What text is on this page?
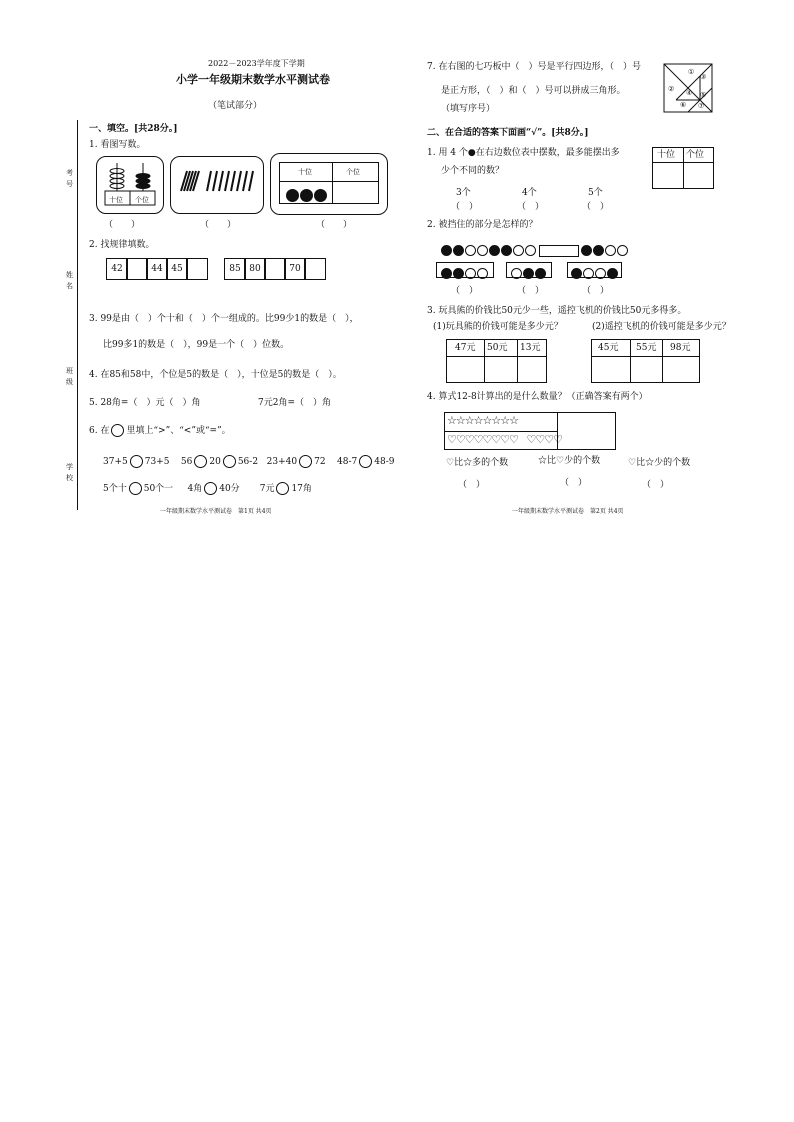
2022－2023学年度下学期
小学一年级期末数学水平测试卷
（笔试部分）
考号
姓名
班级
学校
一、填空。[共28分。]
1. 看图写数。
十位 个位
十位	个位
（　　）	（　　）	（　　）
2. 找规律填数。
42	44 45	85 80	70
3. 99是由（　）个十和（　）个一组成的。比99少1的数是（　），
比99多1的数是（　），99是一个（　）位数。
4. 在85和58中，个位是5的数是（　），十位是5的数是（　）。
5. 28角=（　）元（　）角	7元2角=（　）角
6. 在 里填上“>”、“<”或“=”。
37+5 73+5 56 20 56-2 23+40 72 48-7 48-9
5个十 50个一 4角 40分 7元 17角
一年级期末数学水平测试卷　第1页 共4页
7. 在右图的七巧板中（　）号是平行四边形，（　）号
是正方形，（　）和（　）号可以拼成三角形。
（填写序号）
①
②
③
④ ⑤
⑥ ⑦
二、在合适的答案下面画“√”。[共8分。]
1. 用 4 个●在右边数位表中摆数，最多能摆出多
少个不同的数？
十位 个位
3个	4个	5个
（　）	（　）	（　）
2. 被挡住的部分是怎样的？
（　）	（　）	（　）
3. 玩具熊的价钱比50元少一些，遥控飞机的价钱比50元多得多。
(1)玩具熊的价钱可能是多少元？	(2)遥控飞机的价钱可能是多少元？
47元 50元 13元	45元 55元 98元
4. 算式12-8计算出的是什么数量？（正确答案有两个）
☆☆☆☆☆☆☆☆
♡♡♡♡♡♡♡♡ ♡♡♡♡
♡比☆多的个数	☆比♡少的个数	♡比☆少的个数
（　）	（　）	（　）
一年级期末数学水平测试卷　第2页 共4页
